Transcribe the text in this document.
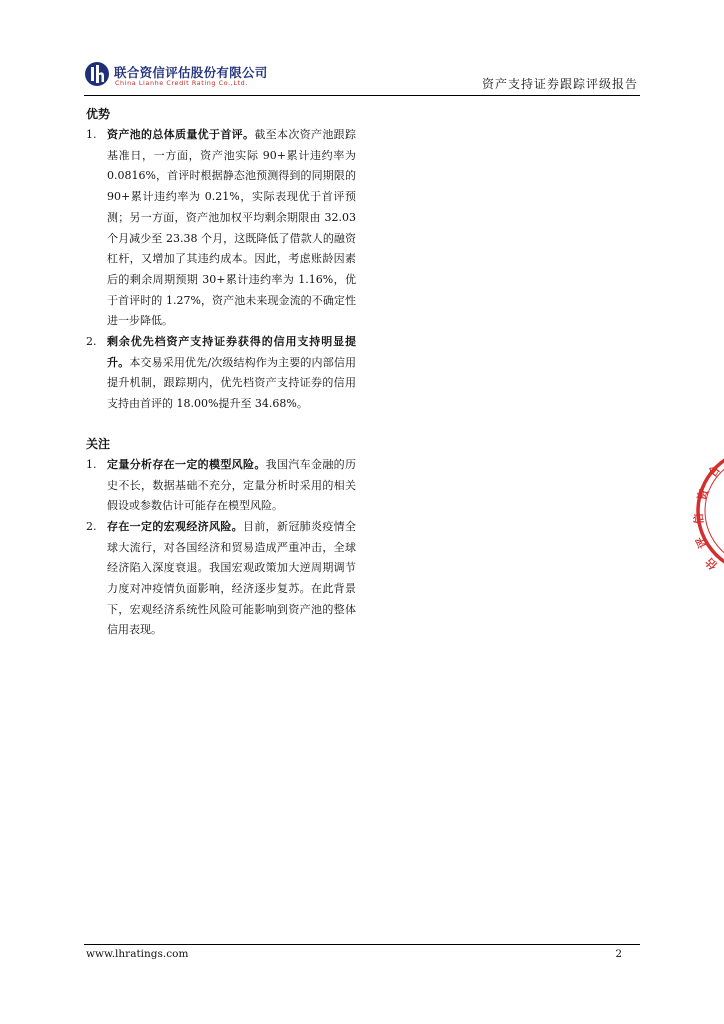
联合资信评估股份有限公司
China Lianhe Credit Rating Co.,Ltd.	资产支持证券跟踪评级报告
优势
1. 资产池的总体质量优于首评。截至本次资产池跟踪基准日，一方面，资产池实际 90+累计违约率为 0.0816%，首评时根据静态池预测得到的同期限的 90+累计违约率为 0.21%，实际表现优于首评预测；另一方面，资产池加权平均剩余期限由 32.03 个月减少至 23.38 个月，这既降低了借款人的融资杠杆，又增加了其违约成本。因此，考虑账龄因素后的剩余周期预期 30+累计违约率为 1.16%，优于首评时的 1.27%，资产池未来现金流的不确定性进一步降低。
2. 剩余优先档资产支持证券获得的信用支持明显提升。本交易采用优先/次级结构作为主要的内部信用提升机制，跟踪期内，优先档资产支持证券的信用支持由首评的 18.00%提升至 34.68%。
关注
1. 定量分析存在一定的模型风险。我国汽车金融的历史不长，数据基础不充分，定量分析时采用的相关假设或参数估计可能存在模型风险。
2. 存在一定的宏观经济风险。目前，新冠肺炎疫情全球大流行，对各国经济和贸易造成严重冲击，全球经济陷入深度衰退。我国宏观政策加大逆周期调节力度对冲疫情负面影响，经济逐步复苏。在此背景下，宏观经济系统性风险可能影响到资产池的整体信用表现。
合
资
信
评
估
www.lhratings.com	2
